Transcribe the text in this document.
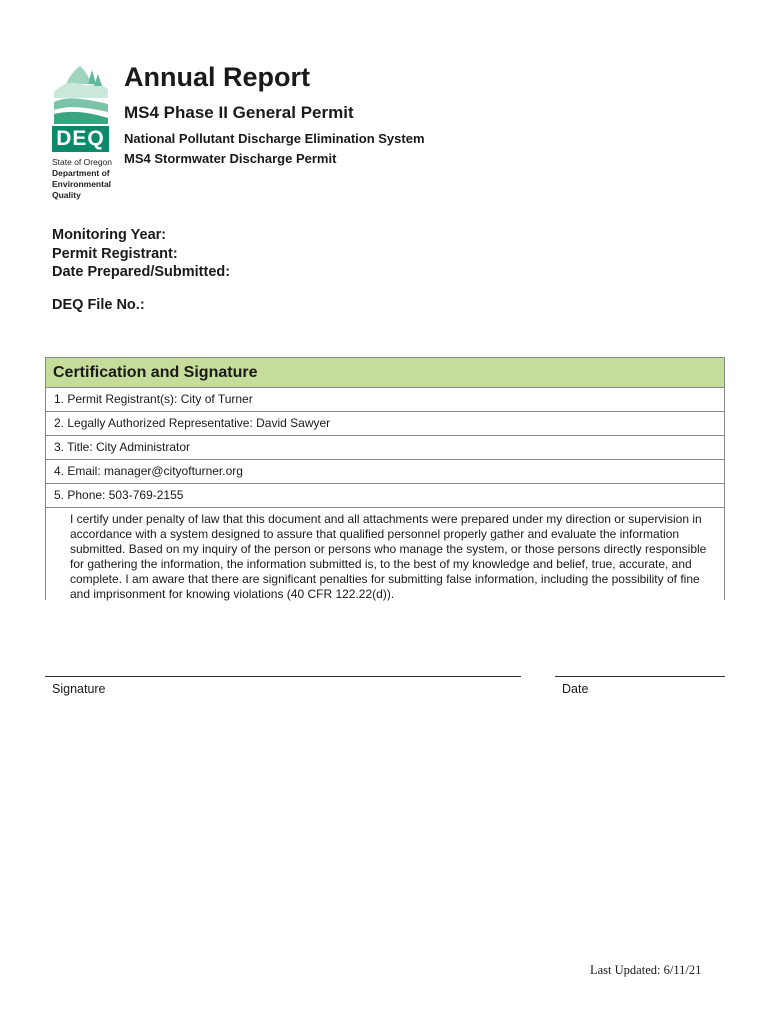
DEQ
State of Oregon
Department of
Environmental
Quality
Annual Report
MS4 Phase II General Permit
National Pollutant Discharge Elimination System
MS4 Stormwater Discharge Permit
Monitoring Year:
Permit Registrant:
Date Prepared/Submitted:
DEQ File No.:
Certification and Signature
1. Permit Registrant(s): City of Turner
2. Legally Authorized Representative: David Sawyer
3. Title: City Administrator
4. Email: manager@cityofturner.org
5. Phone: 503-769-2155
I certify under penalty of law that this document and all attachments were prepared under my direction or supervision in accordance with a system designed to assure that qualified personnel properly gather and evaluate the information submitted. Based on my inquiry of the person or persons who manage the system, or those persons directly responsible for gathering the information, the information submitted is, to the best of my knowledge and belief, true, accurate, and complete. I am aware that there are significant penalties for submitting false information, including the possibility of fine and imprisonment for knowing violations (40 CFR 122.22(d)).
Signature	Date
Last Updated: 6/11/21
